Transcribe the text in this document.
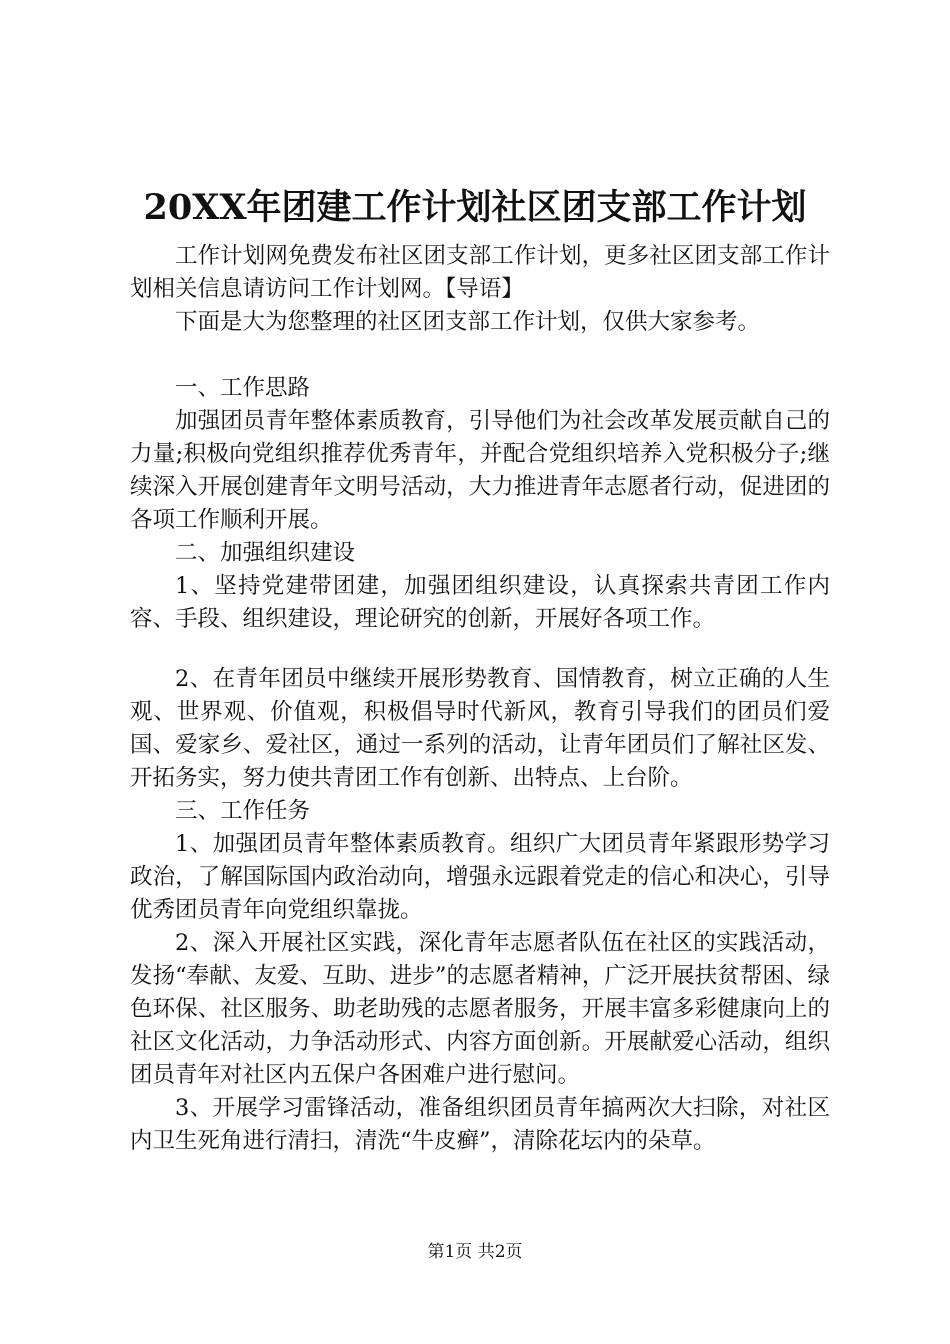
20XX年团建工作计划社区团支部工作计划

工作计划网免费发布社区团支部工作计划，更多社区团支部工作计划相关信息请访问工作计划网。【导语】

下面是大为您整理的社区团支部工作计划，仅供大家参考。

一、工作思路

加强团员青年整体素质教育，引导他们为社会改革发展贡献自己的力量;积极向党组织推荐优秀青年，并配合党组织培养入党积极分子;继续深入开展创建青年文明号活动，大力推进青年志愿者行动，促进团的各项工作顺利开展。

二、加强组织建设

1、坚持党建带团建，加强团组织建设，认真探索共青团工作内容、手段、组织建设，理论研究的创新，开展好各项工作。

2、在青年团员中继续开展形势教育、国情教育，树立正确的人生观、世界观、价值观，积极倡导时代新风，教育引导我们的团员们爱国、爱家乡、爱社区，通过一系列的活动，让青年团员们了解社区发、开拓务实，努力使共青团工作有创新、出特点、上台阶。

三、工作任务

1、加强团员青年整体素质教育。组织广大团员青年紧跟形势学习政治，了解国际国内政治动向，增强永远跟着党走的信心和决心，引导优秀团员青年向党组织靠拢。

2、深入开展社区实践，深化青年志愿者队伍在社区的实践活动，发扬“奉献、友爱、互助、进步”的志愿者精神，广泛开展扶贫帮困、绿色环保、社区服务、助老助残的志愿者服务，开展丰富多彩健康向上的社区文化活动，力争活动形式、内容方面创新。开展献爱心活动，组织团员青年对社区内五保户各困难户进行慰问。

3、开展学习雷锋活动，准备组织团员青年搞两次大扫除，对社区内卫生死角进行清扫，清洗“牛皮癣”，清除花坛内的朵草。

第1页 共2页
